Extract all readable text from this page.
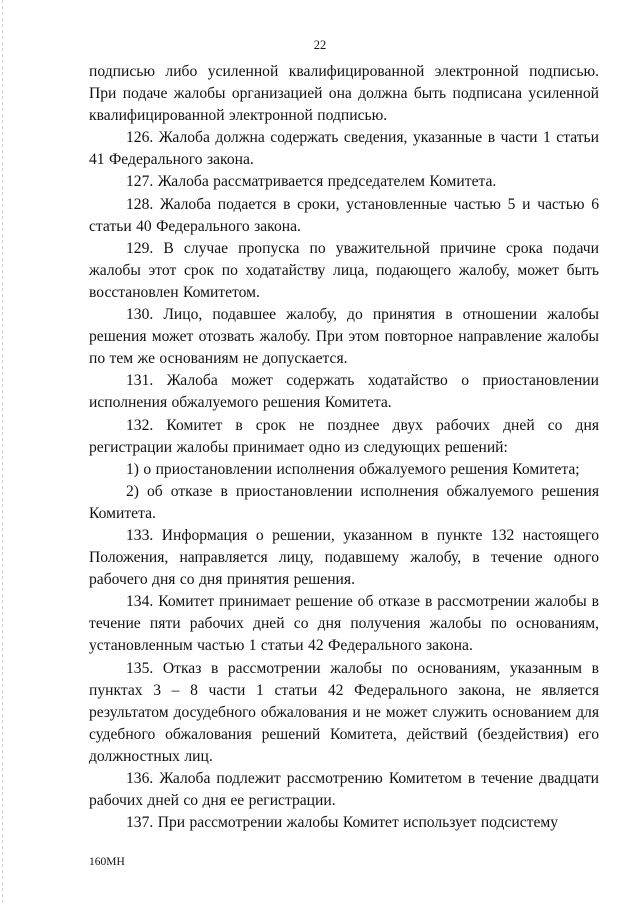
22

подписью либо усиленной квалифицированной электронной подписью. При подаче жалобы организацией она должна быть подписана усиленной квалифицированной электронной подписью.

126. Жалоба должна содержать сведения, указанные в части 1 статьи 41 Федерального закона.

127. Жалоба рассматривается председателем Комитета.

128. Жалоба подается в сроки, установленные частью 5 и частью 6 статьи 40 Федерального закона.

129. В случае пропуска по уважительной причине срока подачи жалобы этот срок по ходатайству лица, подающего жалобу, может быть восстановлен Комитетом.

130. Лицо, подавшее жалобу, до принятия в отношении жалобы решения может отозвать жалобу. При этом повторное направление жалобы по тем же основаниям не допускается.

131. Жалоба может содержать ходатайство о приостановлении исполнения обжалуемого решения Комитета.

132. Комитет в срок не позднее двух рабочих дней со дня регистрации жалобы принимает одно из следующих решений:

1) о приостановлении исполнения обжалуемого решения Комитета;

2) об отказе в приостановлении исполнения обжалуемого решения Комитета.

133. Информация о решении, указанном в пункте 132 настоящего Положения, направляется лицу, подавшему жалобу, в течение одного рабочего дня со дня принятия решения.

134. Комитет принимает решение об отказе в рассмотрении жалобы в течение пяти рабочих дней со дня получения жалобы по основаниям, установленным частью 1 статьи 42 Федерального закона.

135. Отказ в рассмотрении жалобы по основаниям, указанным в пунктах 3 – 8 части 1 статьи 42 Федерального закона, не является результатом досудебного обжалования и не может служить основанием для судебного обжалования решений Комитета, действий (бездействия) его должностных лиц.

136. Жалоба подлежит рассмотрению Комитетом в течение двадцати рабочих дней со дня ее регистрации.

137. При рассмотрении жалобы Комитет использует подсистему

160МН
